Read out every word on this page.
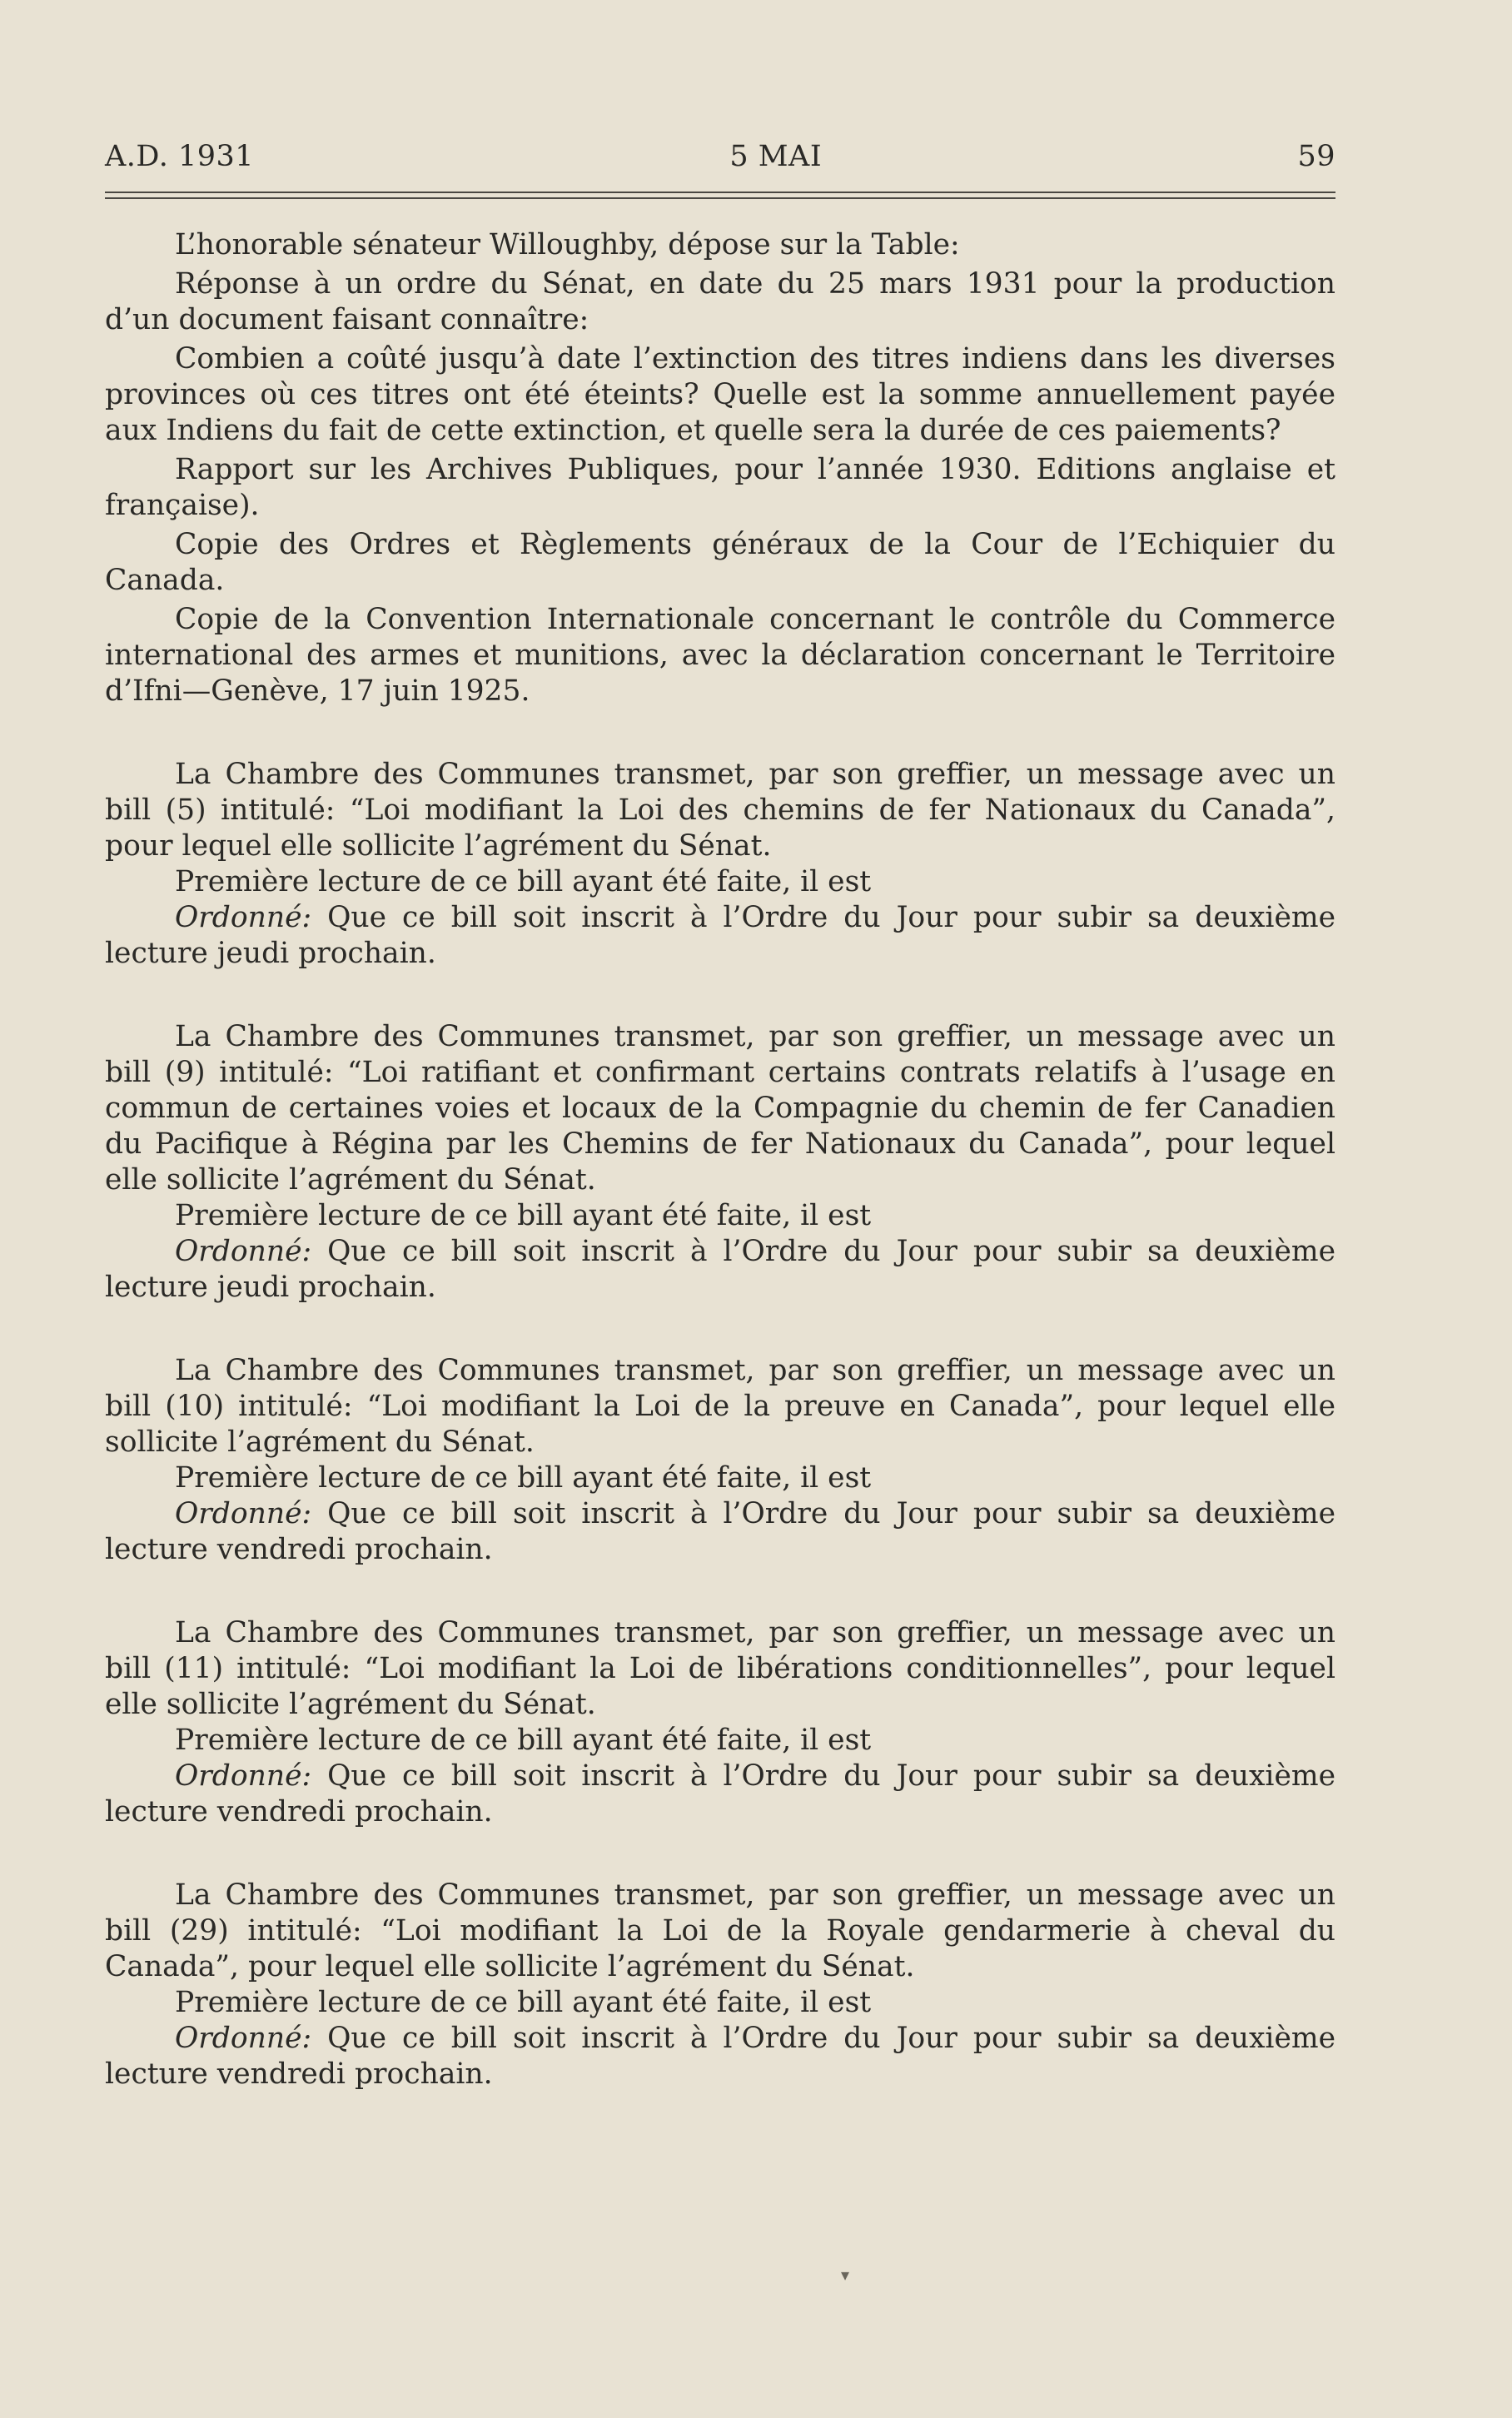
A.D. 1931	5 MAI	59

L’honorable sénateur Willoughby, dépose sur la Table:

Réponse à un ordre du Sénat, en date du 25 mars 1931 pour la production d’un document faisant connaître:

Combien a coûté jusqu’à date l’extinction des titres indiens dans les diverses provinces où ces titres ont été éteints? Quelle est la somme annuellement payée aux Indiens du fait de cette extinction, et quelle sera la durée de ces paiements?

Rapport sur les Archives Publiques, pour l’année 1930. Editions anglaise et française).

Copie des Ordres et Règlements généraux de la Cour de l’Echiquier du Canada.

Copie de la Convention Internationale concernant le contrôle du Commerce international des armes et munitions, avec la déclaration concernant le Territoire d’Ifni—Genève, 17 juin 1925.

La Chambre des Communes transmet, par son greffier, un message avec un bill (5) intitulé: “Loi modifiant la Loi des chemins de fer Nationaux du Canada”, pour lequel elle sollicite l’agrément du Sénat.

Première lecture de ce bill ayant été faite, il est

Ordonné: Que ce bill soit inscrit à l’Ordre du Jour pour subir sa deuxième lecture jeudi prochain.

La Chambre des Communes transmet, par son greffier, un message avec un bill (9) intitulé: “Loi ratifiant et confirmant certains contrats relatifs à l’usage en commun de certaines voies et locaux de la Compagnie du chemin de fer Canadien du Pacifique à Régina par les Chemins de fer Nationaux du Canada”, pour lequel elle sollicite l’agrément du Sénat.

Première lecture de ce bill ayant été faite, il est

Ordonné: Que ce bill soit inscrit à l’Ordre du Jour pour subir sa deuxième lecture jeudi prochain.

La Chambre des Communes transmet, par son greffier, un message avec un bill (10) intitulé: “Loi modifiant la Loi de la preuve en Canada”, pour lequel elle sollicite l’agrément du Sénat.

Première lecture de ce bill ayant été faite, il est

Ordonné: Que ce bill soit inscrit à l’Ordre du Jour pour subir sa deuxième lecture vendredi prochain.

La Chambre des Communes transmet, par son greffier, un message avec un bill (11) intitulé: “Loi modifiant la Loi de libérations conditionnelles”, pour lequel elle sollicite l’agrément du Sénat.

Première lecture de ce bill ayant été faite, il est

Ordonné: Que ce bill soit inscrit à l’Ordre du Jour pour subir sa deuxième lecture vendredi prochain.

La Chambre des Communes transmet, par son greffier, un message avec un bill (29) intitulé: “Loi modifiant la Loi de la Royale gendarmerie à cheval du Canada”, pour lequel elle sollicite l’agrément du Sénat.

Première lecture de ce bill ayant été faite, il est

Ordonné: Que ce bill soit inscrit à l’Ordre du Jour pour subir sa deuxième lecture vendredi prochain.

▾
